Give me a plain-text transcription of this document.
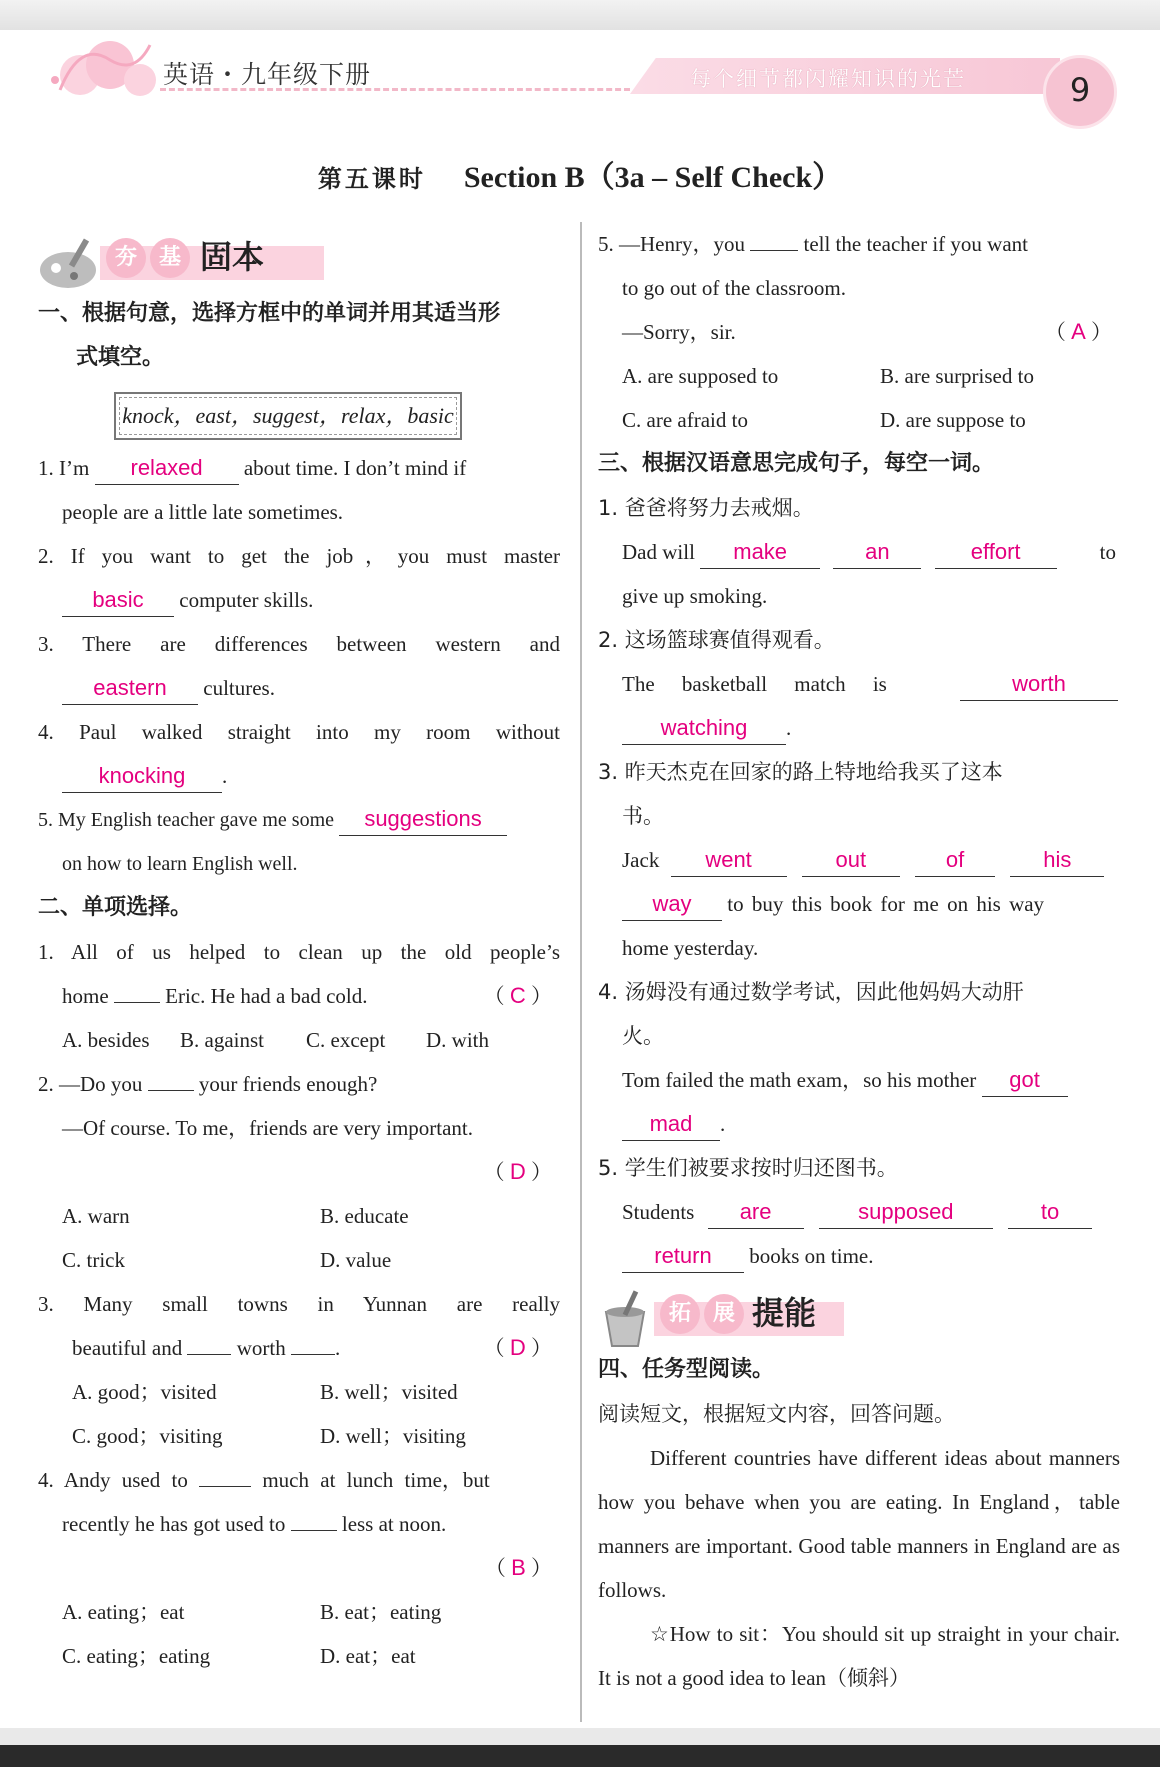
英语・九年级下册	每个细节都闪耀知识的光芒	9
第五课时 Section B（3a – Self Check）
夯 基 固本
一、根据句意，选择方框中的单词并用其适当形
式填空。
knock，east，suggest，relax，basic
1. I’m relaxed about time. I don’t mind if
people are a little late sometimes.
2. If you want to get the job，you must master
basic computer skills.
3. There are differences between western and
eastern cultures.
4. Paul walked straight into my room without
knocking .
5. My English teacher gave me some suggestions
on how to learn English well.
二、单项选择。
1. All of us helped to clean up the old people’s
home	Eric. He had a bad cold.	（ C ）
A. besides B. against C. except D. with
2. —Do you	your friends enough?
—Of course. To me，friends are very important.
（ D ）
A. warn	B. educate
C. trick	D. value
3. Many small towns in Yunnan are really
beautiful and	worth .	（ D ）
A. good；visited	B. well；visited
C. good；visiting	D. well；visiting
4. Andy used to	much at lunch time，but
recently he has got used to	less at noon.
（ B ）
A. eating；eat	B. eat；eating
C. eating；eating	D. eat；eat
5. —Henry，you	tell the teacher if you want
to go out of the classroom.
—Sorry，sir.	（ A ）
A. are supposed to	B. are surprised to
C. are afraid to	D. are suppose to
三、根据汉语意思完成句子，每空一词。
1. 爸爸将努力去戒烟。
Dad will make	an	effort	to
give up smoking.
2. 这场篮球赛值得观看。
The basketball match is	worth
watching .
3. 昨天杰克在回家的路上特地给我买了这本
书。
Jack went	out	of	his
way to buy this book for me on his way
home yesterday.
4. 汤姆没有通过数学考试，因此他妈妈大动肝
火。
Tom failed the math exam，so his mother got
mad .
5. 学生们被要求按时归还图书。
Students are	supposed	to
return books on time.
拓 展 提能
四、任务型阅读。
阅读短文，根据短文内容，回答问题。
Different countries have different ideas about manners how you behave when you are eating. In England，table manners are important. Good table manners in England are as follows.
☆How to sit：You should sit up straight in your chair. It is not a good idea to lean（倾斜）
